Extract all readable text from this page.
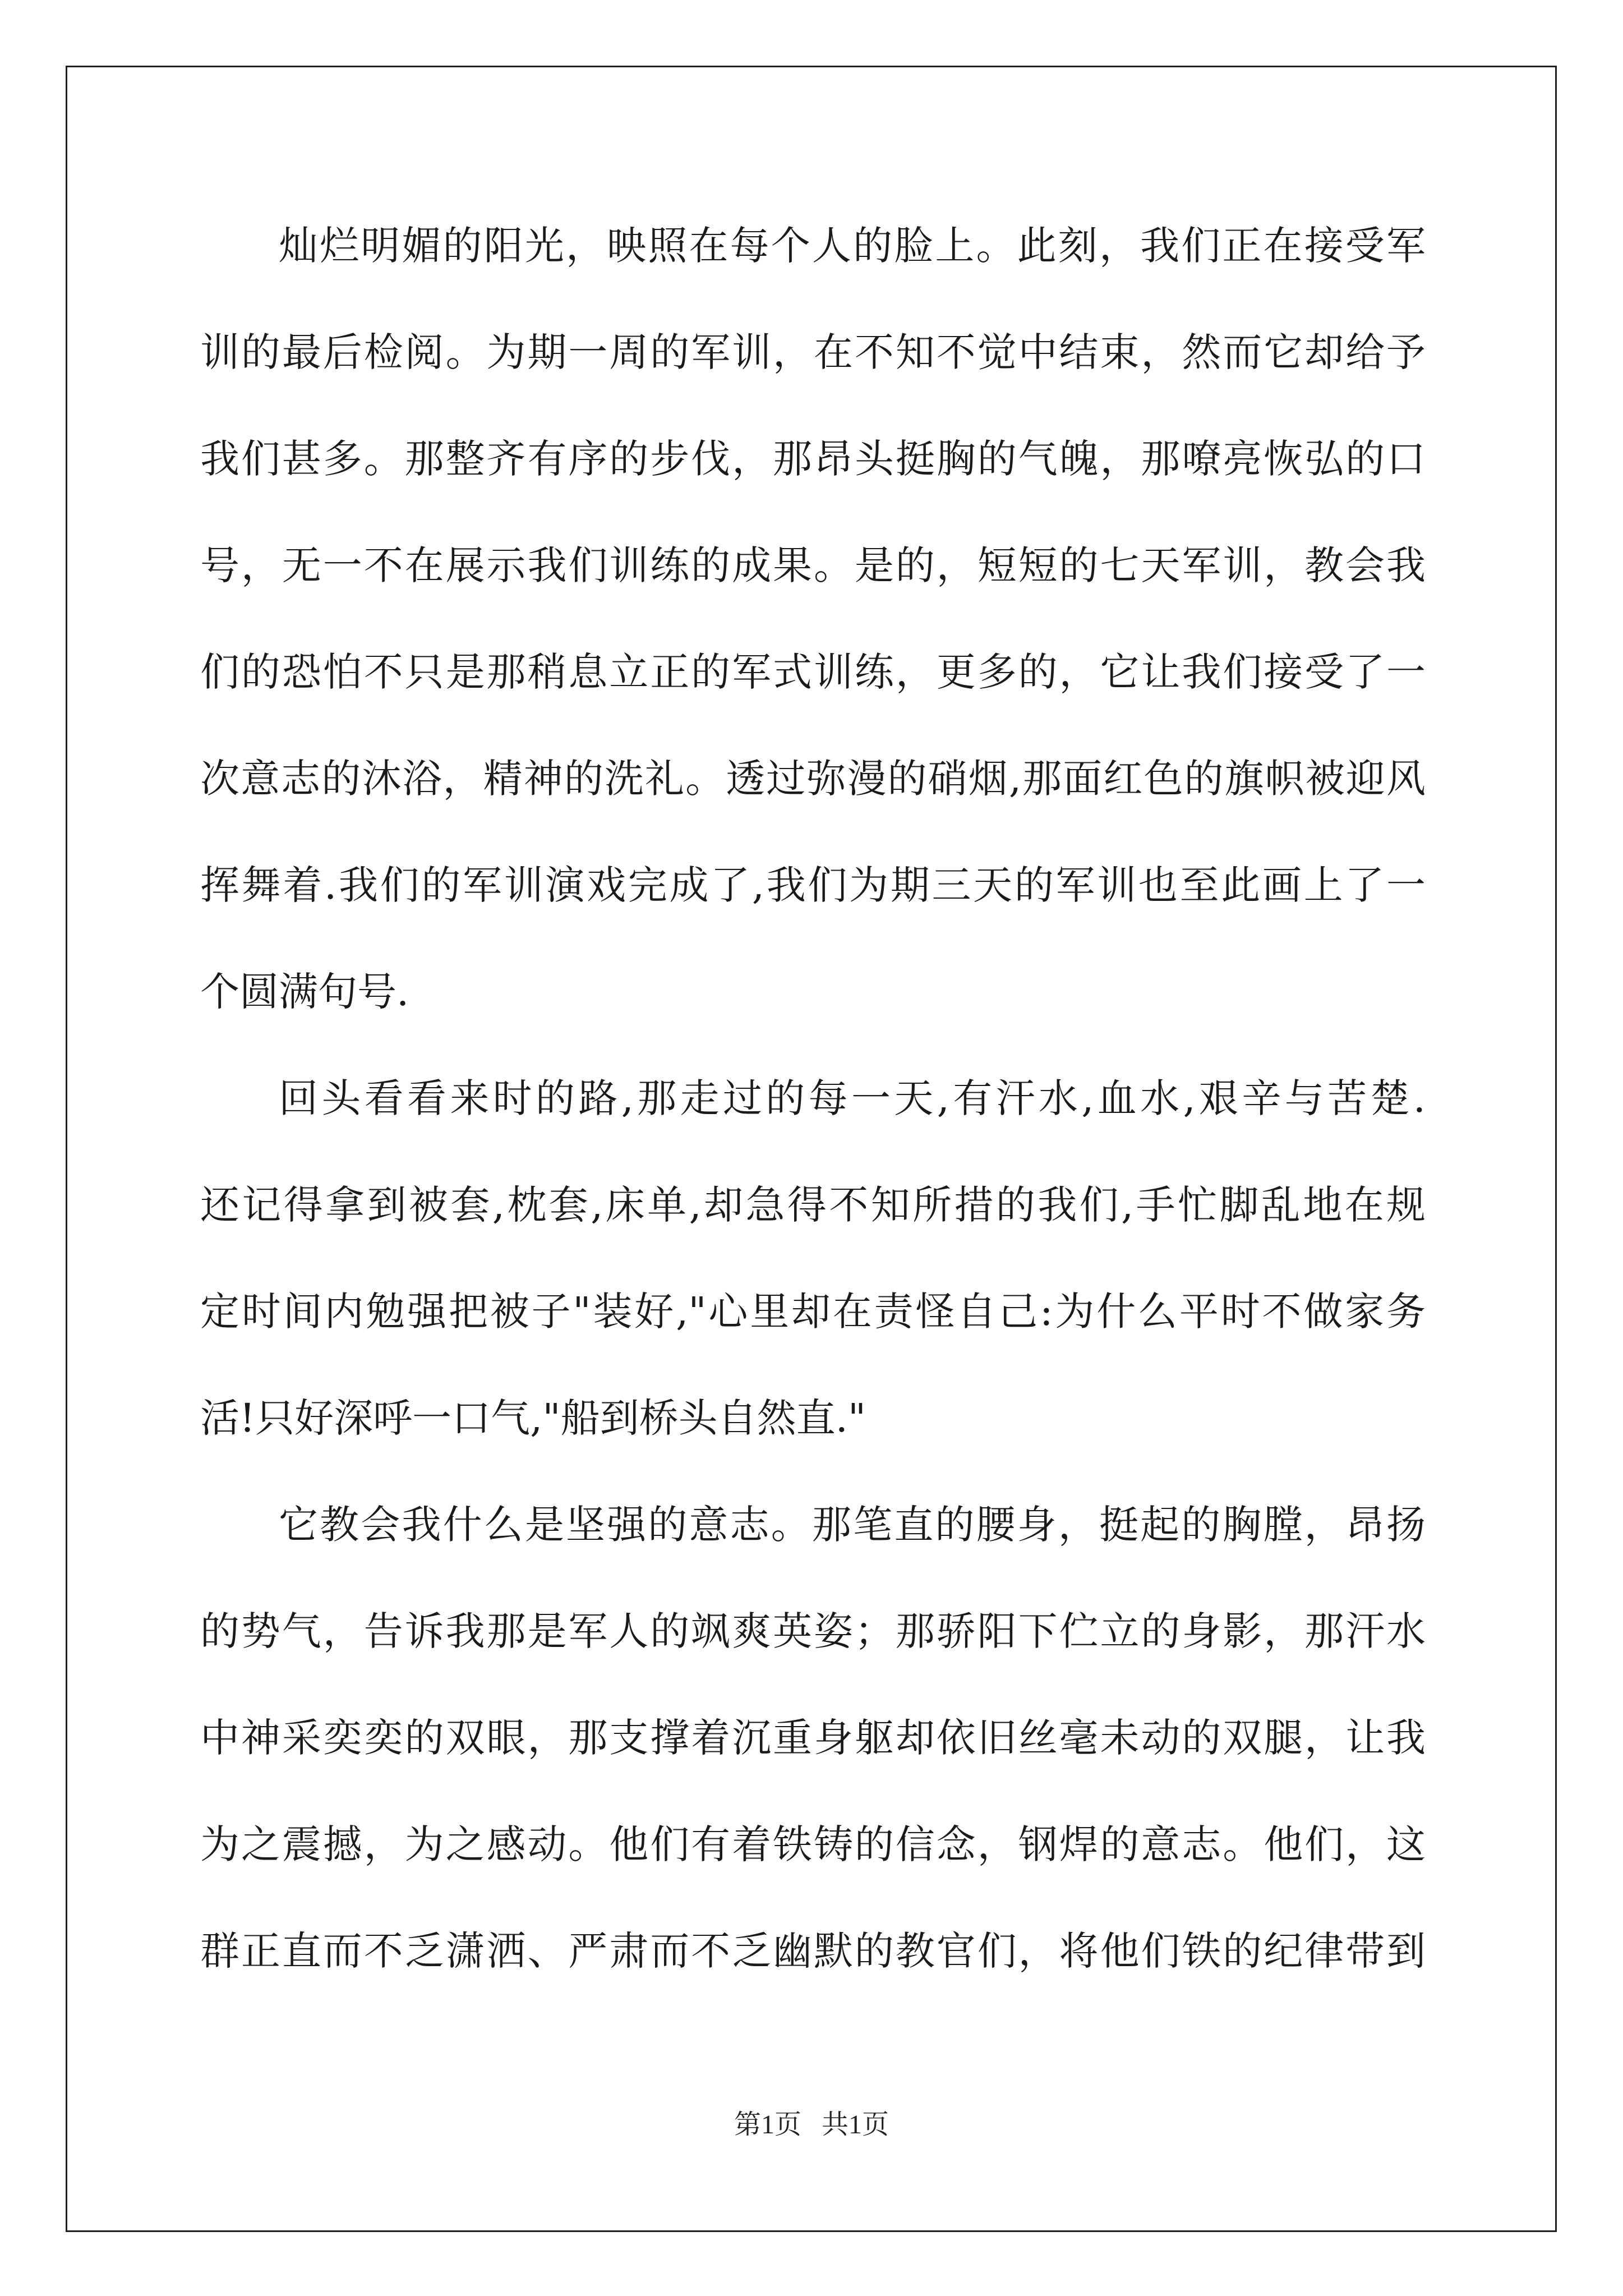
灿烂明媚的阳光，映照在每个人的脸上。此刻，我们正在接受军
训的最后检阅。为期一周的军训，在不知不觉中结束，然而它却给予
我们甚多。那整齐有序的步伐，那昂头挺胸的气魄，那嘹亮恢弘的口
号，无一不在展示我们训练的成果。是的，短短的七天军训，教会我
们的恐怕不只是那稍息立正的军式训练，更多的，它让我们接受了一
次意志的沐浴，精神的洗礼。透过弥漫的硝烟,那面红色的旗帜被迎风
挥舞着.我们的军训演戏完成了,我们为期三天的军训也至此画上了一
个圆满句号.
回头看看来时的路,那走过的每一天,有汗水,血水,艰辛与苦楚.
还记得拿到被套,枕套,床单,却急得不知所措的我们,手忙脚乱地在规
定时间内勉强把被子"装好,"心里却在责怪自己:为什么平时不做家务
活!只好深呼一口气,"船到桥头自然直."
它教会我什么是坚强的意志。那笔直的腰身，挺起的胸膛，昂扬
的势气，告诉我那是军人的飒爽英姿；那骄阳下伫立的身影，那汗水
中神采奕奕的双眼，那支撑着沉重身躯却依旧丝毫未动的双腿，让我
为之震撼，为之感动。他们有着铁铸的信念，钢焊的意志。他们，这
群正直而不乏潇洒、严肃而不乏幽默的教官们，将他们铁的纪律带到
第1页   共1页
